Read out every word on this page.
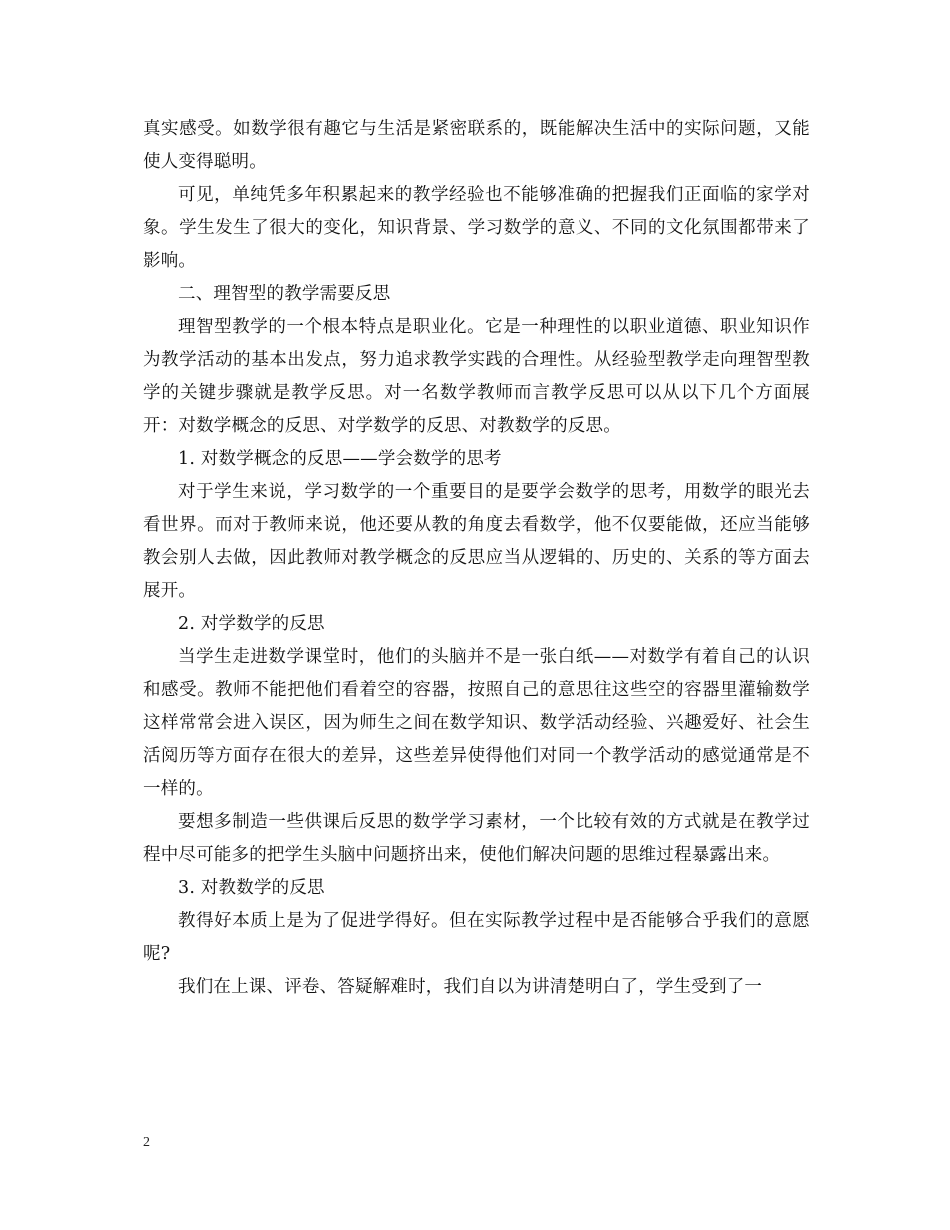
真实感受。如数学很有趣它与生活是紧密联系的，既能解决生活中的实际问题，又能使人变得聪明。

可见，单纯凭多年积累起来的教学经验也不能够准确的把握我们正面临的家学对象。学生发生了很大的变化，知识背景、学习数学的意义、不同的文化氛围都带来了影响。

二、理智型的教学需要反思

理智型教学的一个根本特点是职业化。它是一种理性的以职业道德、职业知识作为教学活动的基本出发点，努力追求教学实践的合理性。从经验型教学走向理智型教学的关键步骤就是教学反思。对一名数学教师而言教学反思可以从以下几个方面展开：对数学概念的反思、对学数学的反思、对教数学的反思。

1. 对数学概念的反思——学会数学的思考

对于学生来说，学习数学的一个重要目的是要学会数学的思考，用数学的眼光去看世界。而对于教师来说，他还要从教的角度去看数学，他不仅要能做，还应当能够教会别人去做，因此教师对教学概念的反思应当从逻辑的、历史的、关系的等方面去展开。

2. 对学数学的反思

当学生走进数学课堂时，他们的头脑并不是一张白纸——对数学有着自己的认识和感受。教师不能把他们看着空的容器，按照自己的意思往这些空的容器里灌输数学这样常常会进入误区，因为师生之间在数学知识、数学活动经验、兴趣爱好、社会生活阅历等方面存在很大的差异，这些差异使得他们对同一个教学活动的感觉通常是不一样的。

要想多制造一些供课后反思的数学学习素材，一个比较有效的方式就是在教学过程中尽可能多的把学生头脑中问题挤出来，使他们解决问题的思维过程暴露出来。

3. 对教数学的反思

教得好本质上是为了促进学得好。但在实际教学过程中是否能够合乎我们的意愿呢?

我们在上课、评卷、答疑解难时，我们自以为讲清楚明白了，学生受到了一

2
